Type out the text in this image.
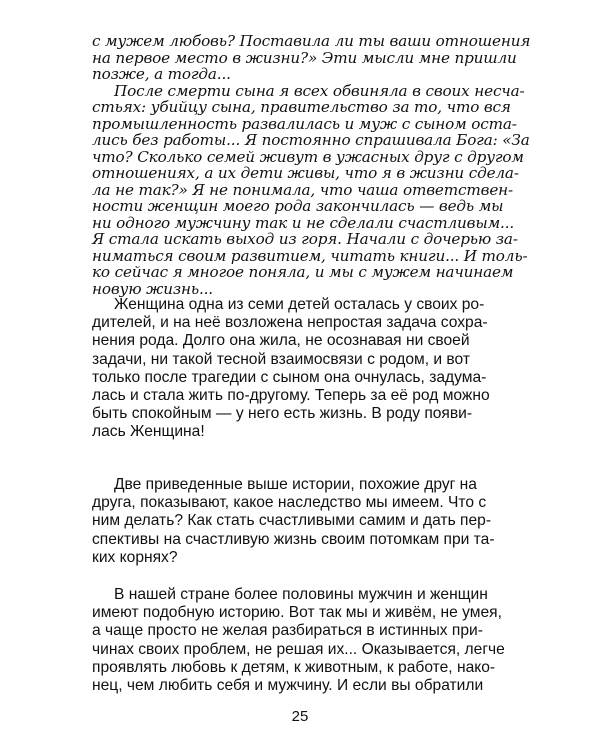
с мужем любовь? Поставила ли ты ваши отношения
на первое место в жизни?» Эти мысли мне пришли
позже, а тогда...
После смерти сына я всех обвиняла в своих несча-
стьях: убийцу сына, правительство за то, что вся
промышленность развалилась и муж с сыном оста-
лись без работы... Я постоянно спрашивала Бога: «За
что? Сколько семей живут в ужасных друг с другом
отношениях, а их дети живы, что я в жизни сдела-
ла не так?» Я не понимала, что чаша ответствен-
ности женщин моего рода закончилась — ведь мы
ни одного мужчину так и не сделали счастливым...
Я стала искать выход из горя. Начали с дочерью за-
ниматься своим развитием, читать книги... И толь-
ко сейчас я многое поняла, и мы с мужем начинаем
новую жизнь...
Женщина одна из семи детей осталась у своих ро-
дителей, и на неё возложена непростая задача сохра-
нения рода. Долго она жила, не осознавая ни своей
задачи, ни такой тесной взаимосвязи с родом, и вот
только после трагедии с сыном она очнулась, задума-
лась и стала жить по-другому. Теперь за её род можно
быть спокойным — у него есть жизнь. В роду появи-
лась Женщина!
Две приведенные выше истории, похожие друг на
друга, показывают, какое наследство мы имеем. Что с
ним делать? Как стать счастливыми самим и дать пер-
спективы на счастливую жизнь своим потомкам при та-
ких корнях?
В нашей стране более половины мужчин и женщин
имеют подобную историю. Вот так мы и живём, не умея,
а чаще просто не желая разбираться в истинных при-
чинах своих проблем, не решая их... Оказывается, легче
проявлять любовь к детям, к животным, к работе, нако-
нец, чем любить себя и мужчину. И если вы обратили
25
